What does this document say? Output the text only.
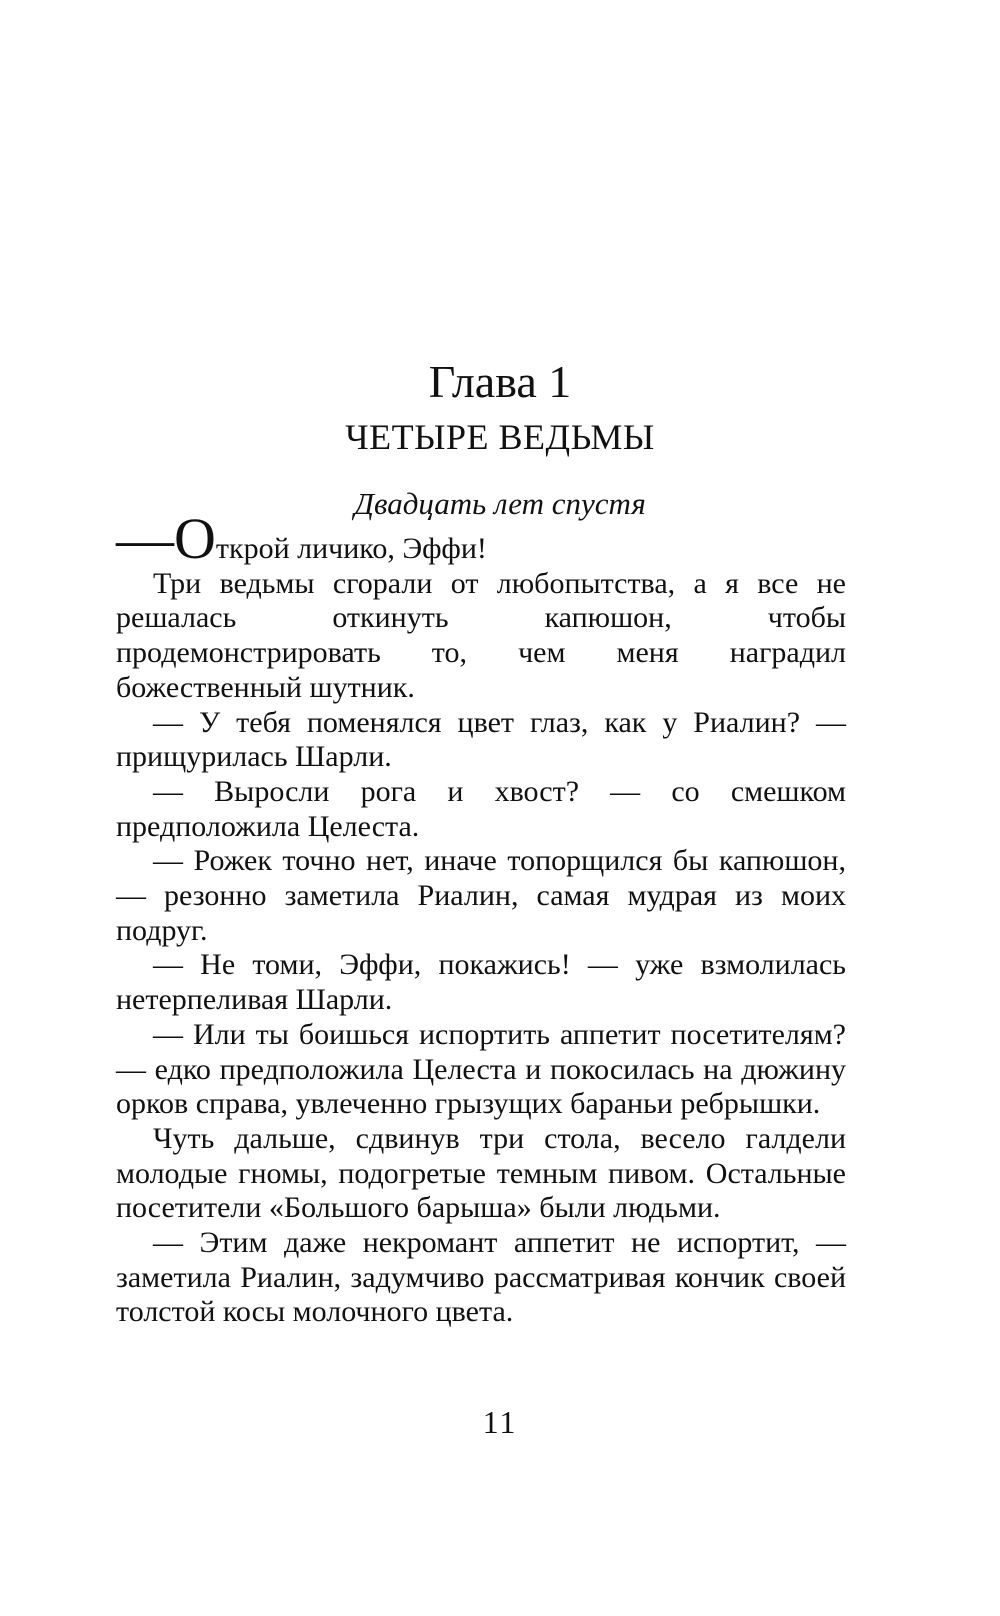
Глава 1
ЧЕТЫРЕ ВЕДЬМЫ
Двадцать лет спустя

—Открой личико, Эффи!

Три ведьмы сгорали от любопытства, а я все не решалась откинуть капюшон, чтобы продемонстрировать то, чем меня наградил божественный шутник.

— У тебя поменялся цвет глаз, как у Риалин? — прищурилась Шарли.

— Выросли рога и хвост? — со смешком предположила Целеста.

— Рожек точно нет, иначе топорщился бы капюшон, — резонно заметила Риалин, самая мудрая из моих подруг.

— Не томи, Эффи, покажись! — уже взмолилась нетерпеливая Шарли.

— Или ты боишься испортить аппетит посетителям? — едко предположила Целеста и покосилась на дюжину орков справа, увлеченно грызущих бараньи ребрышки.

Чуть дальше, сдвинув три стола, весело галдели молодые гномы, подогретые темным пивом. Остальные посетители «Большого барыша» были людьми.

— Этим даже некромант аппетит не испортит, — заметила Риалин, задумчиво рассматривая кончик своей толстой косы молочного цвета.

11
